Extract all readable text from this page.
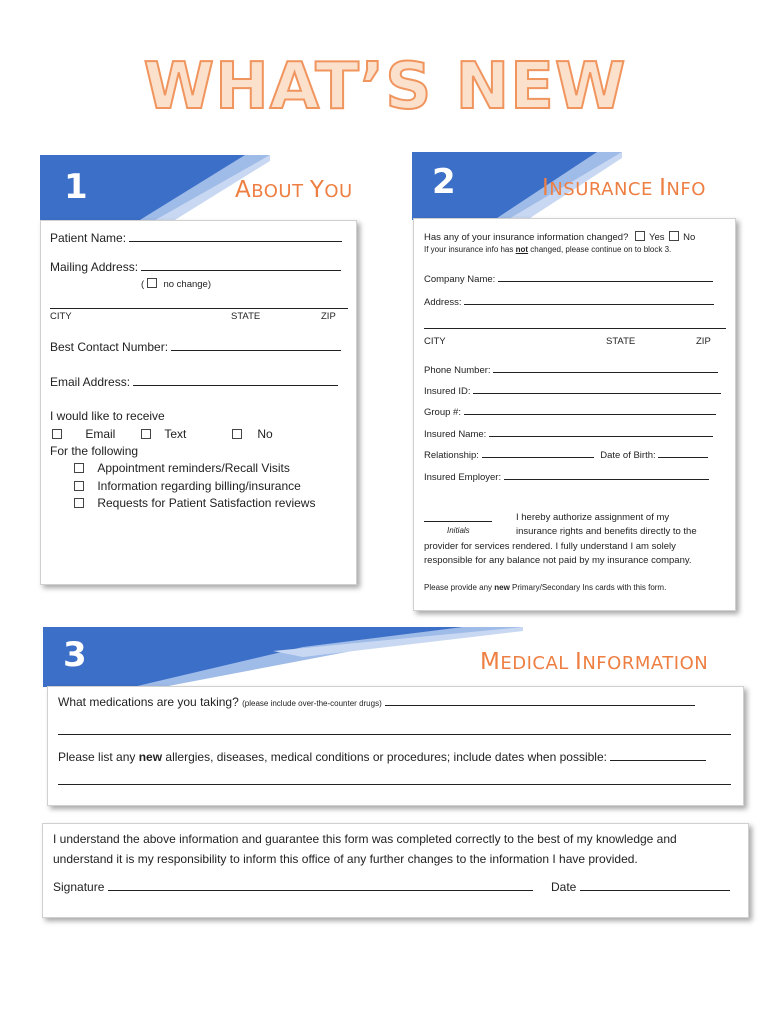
WHAT’S NEW
1	ABOUT YOU
Patient Name:
Mailing Address:
( no change)
CITY	STATE	ZIP
Best Contact Number:
Email Address:
I would like to receive
Email	Text	No
For the following
Appointment reminders/Recall Visits
Information regarding billing/insurance
Requests for Patient Satisfaction reviews
2	INSURANCE INFO
Has any of your insurance information changed? Yes No
If your insurance info has not changed, please continue on to block 3.
Company Name:
Address:
CITY	STATE	ZIP
Phone Number:
Insured ID:
Group #:
Insured Name:
Relationship:	Date of Birth:
Insured Employer:
Initials
I hereby authorize assignment of my
insurance rights and benefits directly to the
provider for services rendered. I fully understand I am solely
responsible for any balance not paid by my insurance company.
Please provide any new Primary/Secondary Ins cards with this form.
3	MEDICAL INFORMATION
What medications are you taking? (please include over-the-counter drugs)
Please list any new allergies, diseases, medical conditions or procedures; include dates when possible:
I understand the above information and guarantee this form was completed correctly to the best of my knowledge and
understand it is my responsibility to inform this office of any further changes to the information I have provided.
Signature	Date
